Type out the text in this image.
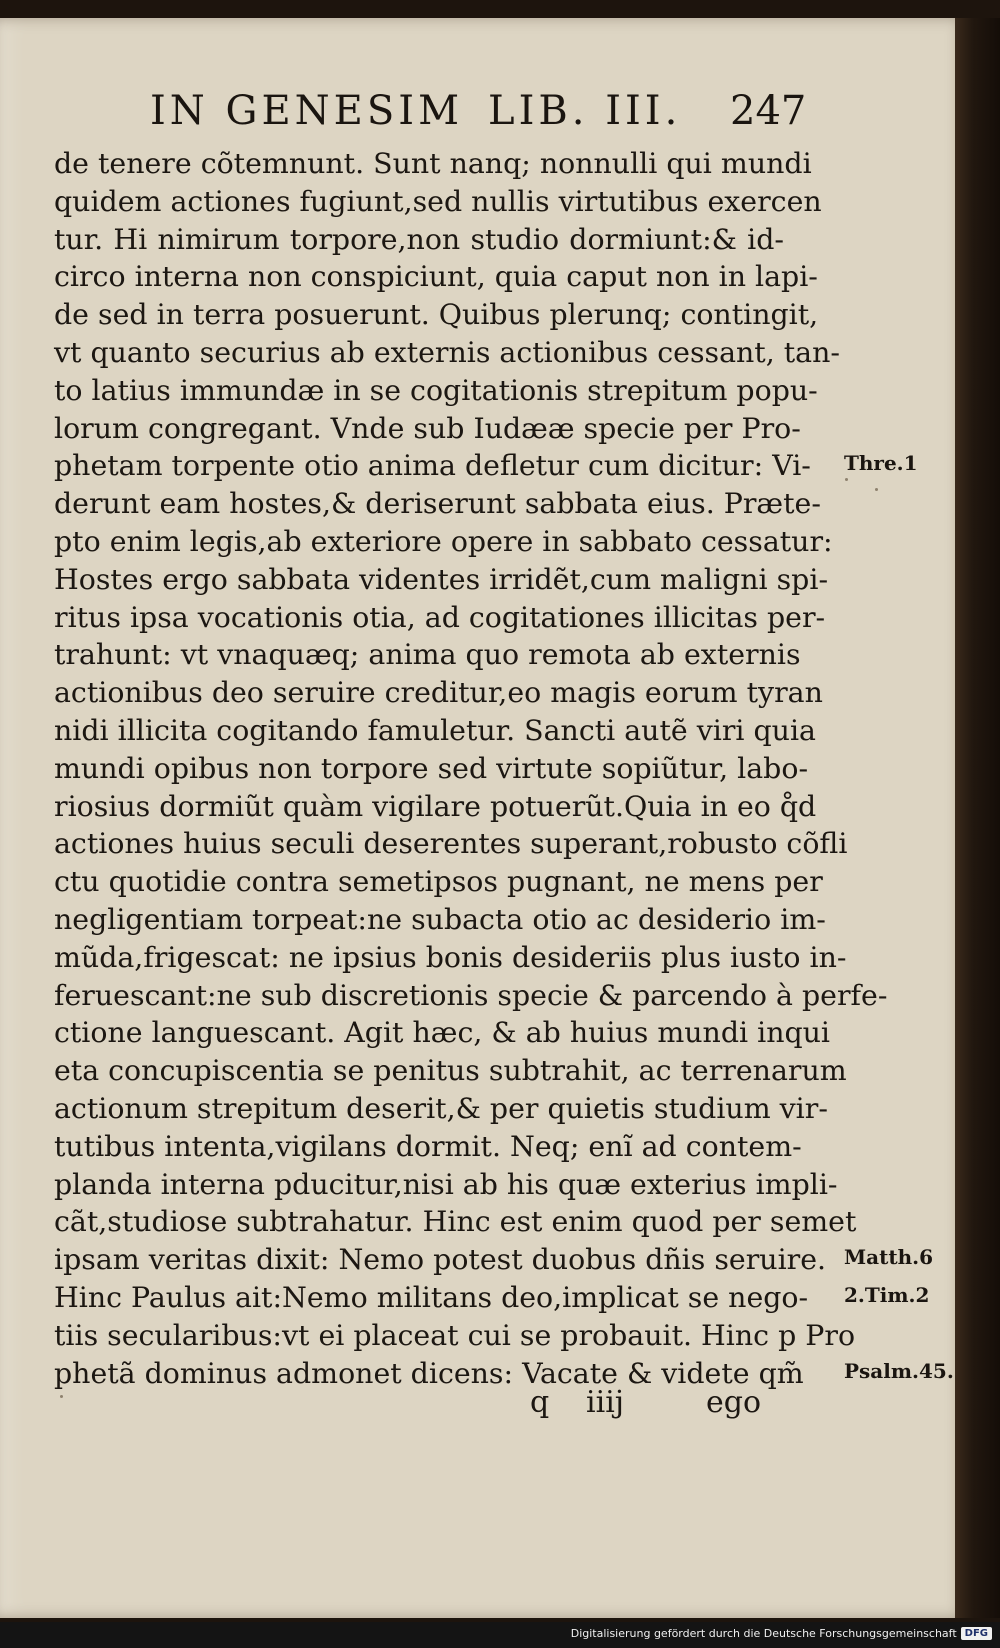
IN GENESIM LIB. III. 247
de tenere cõtemnunt. Sunt nanq; nonnulli qui mundi
quidem actiones fugiunt,sed nullis virtutibus exercen
tur. Hi nimirum torpore,non studio dormiunt:& id-
circo interna non conspiciunt, quia caput non in lapi-
de sed in terra posuerunt. Quibus plerunq; contingit,
vt quanto securius ab externis actionibus cessant, tan-
to latius immundæ in se cogitationis strepitum popu-
lorum congregant. Vnde sub Iudææ specie per Pro-
phetam torpente otio anima defletur cum dicitur: Vi-
derunt eam hostes,& deriserunt sabbata eius. Præte-
pto enim legis,ab exteriore opere in sabbato cessatur:
Hostes ergo sabbata videntes irridẽt,cum maligni spi-
ritus ipsa vocationis otia, ad cogitationes illicitas per-
trahunt: vt vnaquæq; anima quo remota ab externis
actionibus deo seruire creditur,eo magis eorum tyran
nidi illicita cogitando famuletur. Sancti autẽ viri quia
mundi opibus non torpore sed virtute sopiũtur, labo-
riosius dormiũt quàm vigilare potuerũt.Quia in eo q̊d
actiones huius seculi deserentes superant,robusto cõfli
ctu quotidie contra semetipsos pugnant, ne mens per
negligentiam torpeat:ne subacta otio ac desiderio im-
mũda,frigescat: ne ipsius bonis desideriis plus iusto in-
feruescant:ne sub discretionis specie & parcendo à perfe-
ctione languescant. Agit hæc, & ab huius mundi inqui
eta concupiscentia se penitus subtrahit, ac terrenarum
actionum strepitum deserit,& per quietis studium vir-
tutibus intenta,vigilans dormit. Neq; enĩ ad contem-
planda interna pducitur,nisi ab his quæ exterius impli-
cãt,studiose subtrahatur. Hinc est enim quod per semet
ipsam veritas dixit: Nemo potest duobus dñis seruire.
Hinc Paulus ait:Nemo militans deo,implicat se nego-
tiis secularibus:vt ei placeat cui se probauit. Hinc p Pro
phetã dominus admonet dicens: Vacate & videte qm̃
Thre.1
Matth.6
2.Tim.2
Psalm.45.
q iiij	ego
Digitalisierung gefördert durch die Deutsche Forschungsgemeinschaft DFG
